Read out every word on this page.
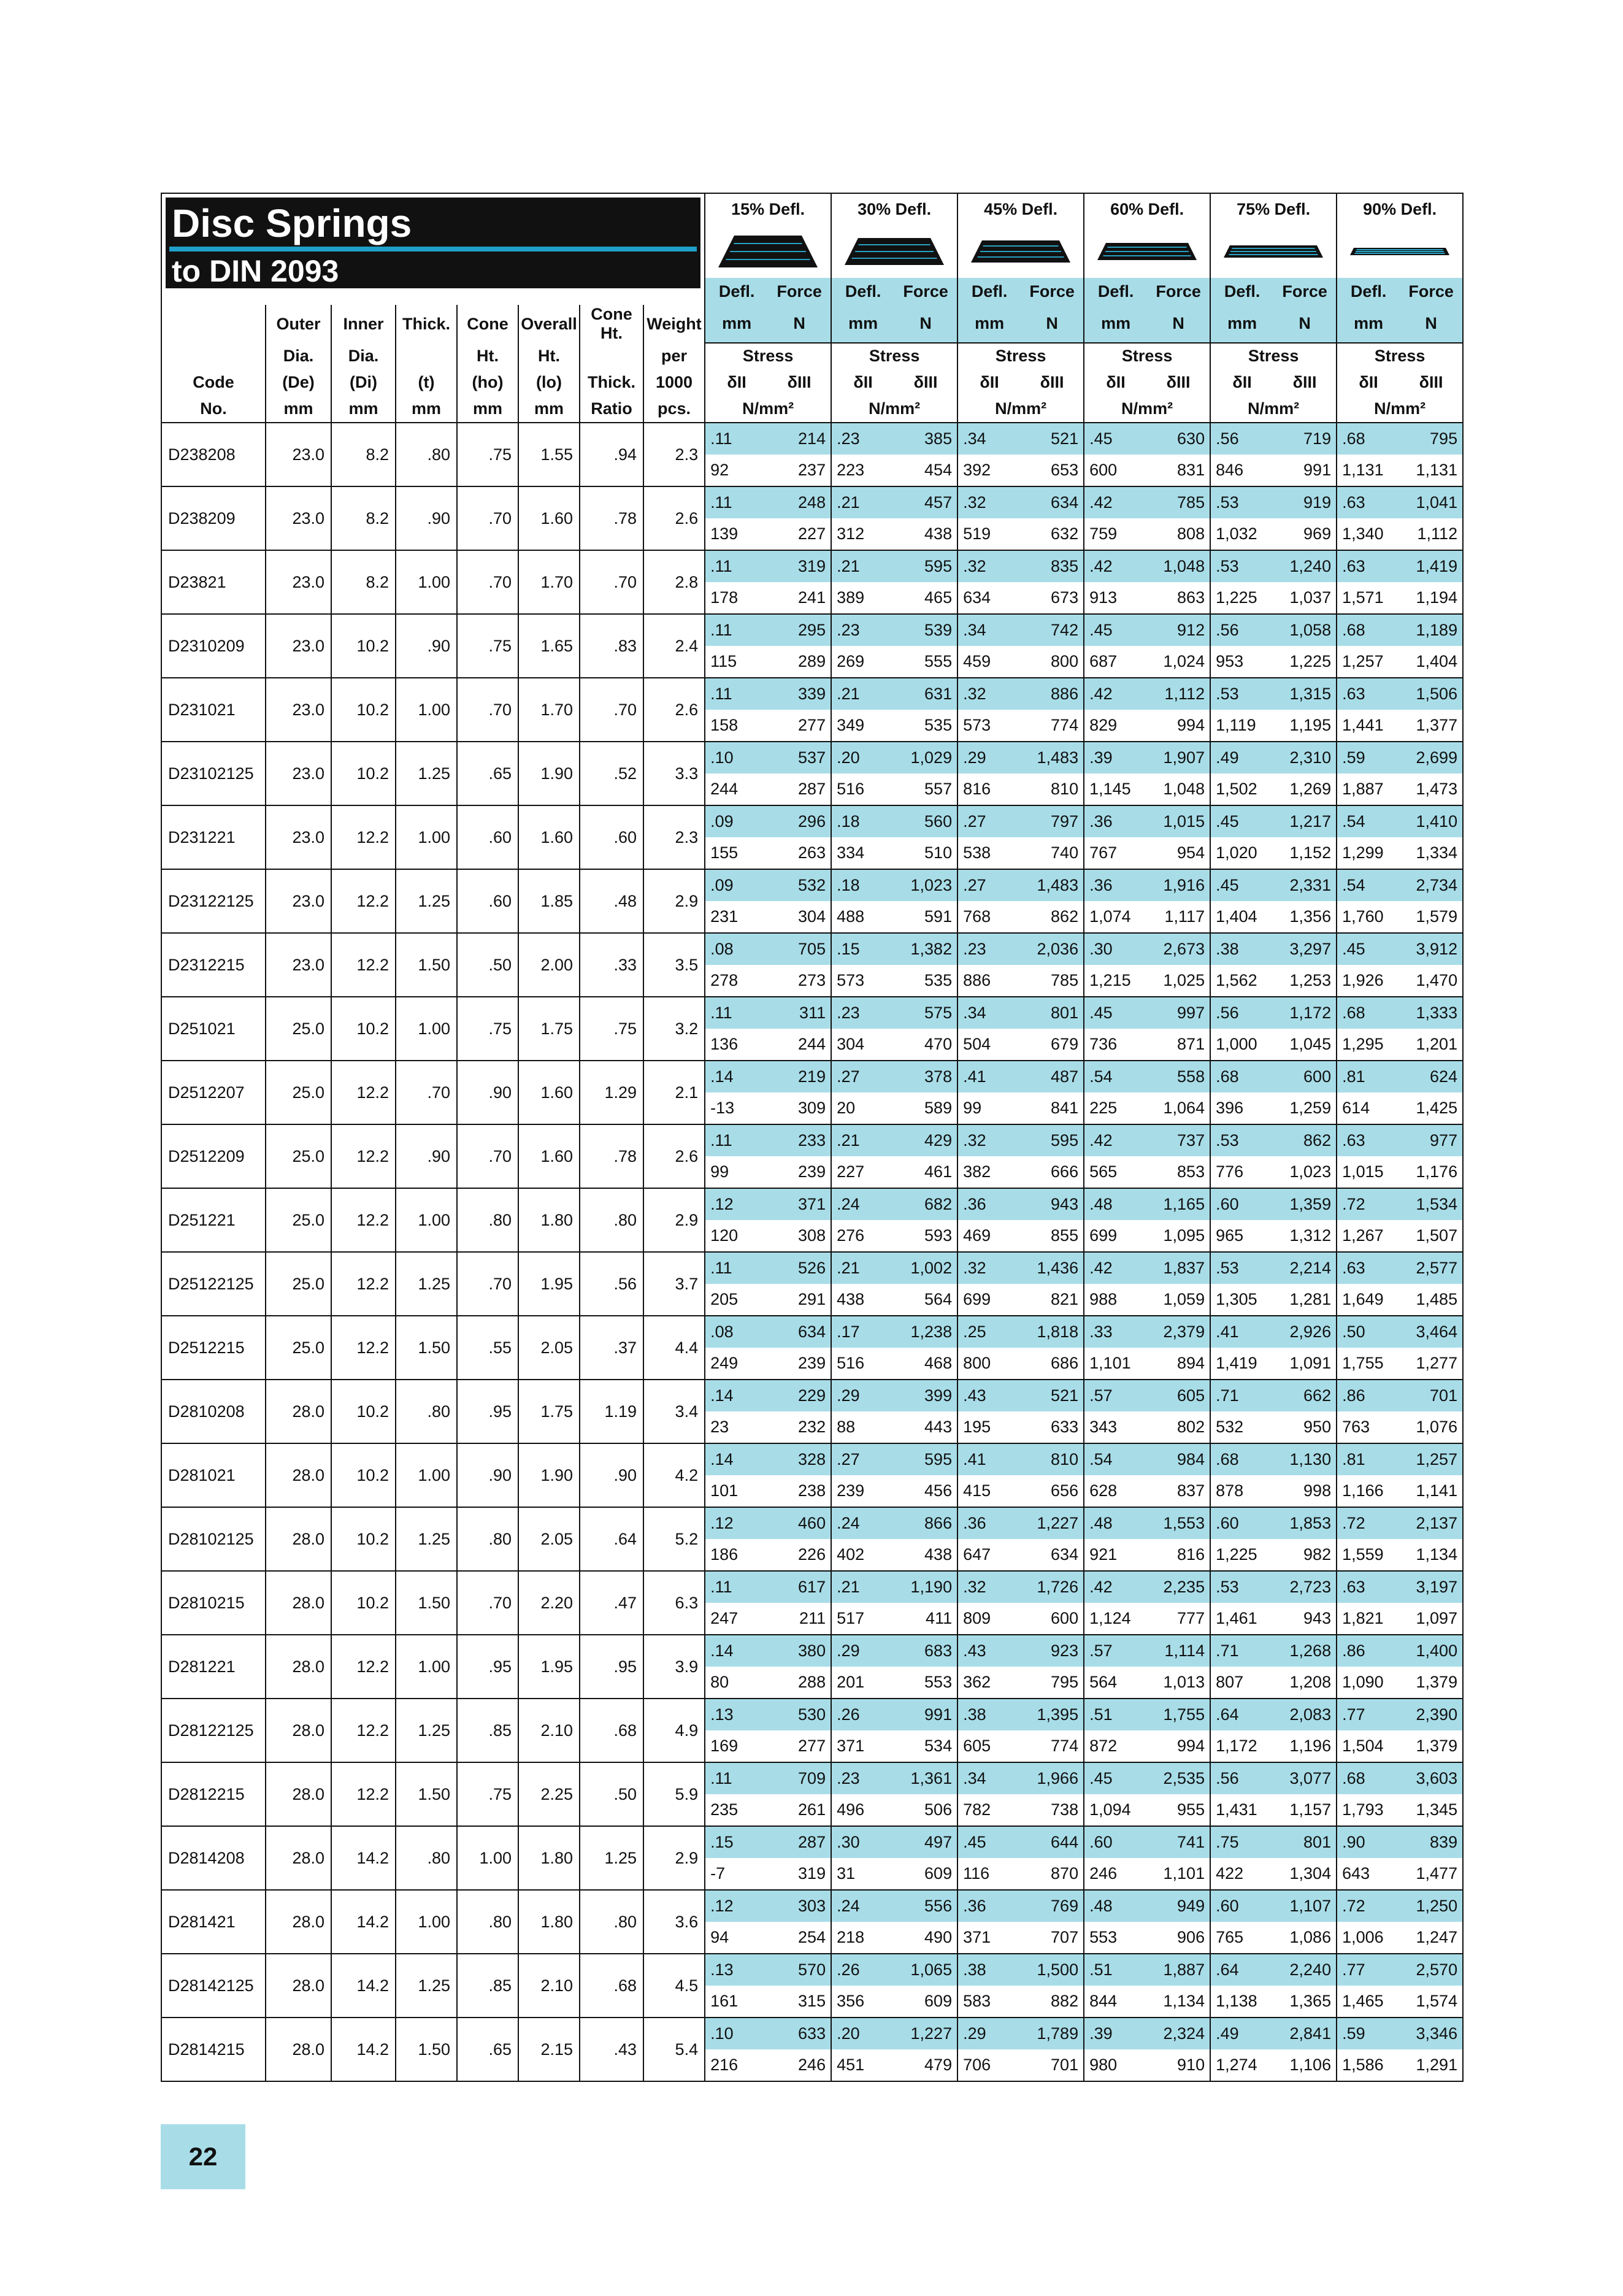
Disc Springs
to DIN 2093								15% Defl.		30% Defl.		45% Defl.		60% Defl.		75% Defl.		90% Defl.	

								Defl.	Force	Defl.	Force	Defl.	Force	Defl.	Force	Defl.	Force	Defl.	Force
	Outer	Inner	Thick.	Cone	Overall	Cone Ht.	Weight	mm	N	mm	N	mm	N	mm	N	mm	N	mm	N
	Dia.	Dia.		Ht.	Ht.		per	Stress		Stress		Stress		Stress		Stress		Stress	
Code	(De)	(Di)	(t)	(ho)	(lo)	Thick.	1000	δII	δIII	δII	δIII	δII	δIII	δII	δIII	δII	δIII	δII	δIII
No.	mm	mm	mm	mm	mm	Ratio	pcs.	N/mm²		N/mm²		N/mm²		N/mm²		N/mm²		N/mm²	
D238208	23.0	8.2	.80	.75	1.55	.94	2.3	.11	214	.23	385	.34	521	.45	630	.56	719	.68	795
								92	237	223	454	392	653	600	831	846	991	1,131	1,131
D238209	23.0	8.2	.90	.70	1.60	.78	2.6	.11	248	.21	457	.32	634	.42	785	.53	919	.63	1,041
								139	227	312	438	519	632	759	808	1,032	969	1,340	1,112
D23821	23.0	8.2	1.00	.70	1.70	.70	2.8	.11	319	.21	595	.32	835	.42	1,048	.53	1,240	.63	1,419
								178	241	389	465	634	673	913	863	1,225	1,037	1,571	1,194
D2310209	23.0	10.2	.90	.75	1.65	.83	2.4	.11	295	.23	539	.34	742	.45	912	.56	1,058	.68	1,189
								115	289	269	555	459	800	687	1,024	953	1,225	1,257	1,404
D231021	23.0	10.2	1.00	.70	1.70	.70	2.6	.11	339	.21	631	.32	886	.42	1,112	.53	1,315	.63	1,506
								158	277	349	535	573	774	829	994	1,119	1,195	1,441	1,377
D23102125	23.0	10.2	1.25	.65	1.90	.52	3.3	.10	537	.20	1,029	.29	1,483	.39	1,907	.49	2,310	.59	2,699
								244	287	516	557	816	810	1,145	1,048	1,502	1,269	1,887	1,473
D231221	23.0	12.2	1.00	.60	1.60	.60	2.3	.09	296	.18	560	.27	797	.36	1,015	.45	1,217	.54	1,410
								155	263	334	510	538	740	767	954	1,020	1,152	1,299	1,334
D23122125	23.0	12.2	1.25	.60	1.85	.48	2.9	.09	532	.18	1,023	.27	1,483	.36	1,916	.45	2,331	.54	2,734
								231	304	488	591	768	862	1,074	1,117	1,404	1,356	1,760	1,579
D2312215	23.0	12.2	1.50	.50	2.00	.33	3.5	.08	705	.15	1,382	.23	2,036	.30	2,673	.38	3,297	.45	3,912
								278	273	573	535	886	785	1,215	1,025	1,562	1,253	1,926	1,470
D251021	25.0	10.2	1.00	.75	1.75	.75	3.2	.11	311	.23	575	.34	801	.45	997	.56	1,172	.68	1,333
								136	244	304	470	504	679	736	871	1,000	1,045	1,295	1,201
D2512207	25.0	12.2	.70	.90	1.60	1.29	2.1	.14	219	.27	378	.41	487	.54	558	.68	600	.81	624
								-13	309	20	589	99	841	225	1,064	396	1,259	614	1,425
D2512209	25.0	12.2	.90	.70	1.60	.78	2.6	.11	233	.21	429	.32	595	.42	737	.53	862	.63	977
								99	239	227	461	382	666	565	853	776	1,023	1,015	1,176
D251221	25.0	12.2	1.00	.80	1.80	.80	2.9	.12	371	.24	682	.36	943	.48	1,165	.60	1,359	.72	1,534
								120	308	276	593	469	855	699	1,095	965	1,312	1,267	1,507
D25122125	25.0	12.2	1.25	.70	1.95	.56	3.7	.11	526	.21	1,002	.32	1,436	.42	1,837	.53	2,214	.63	2,577
								205	291	438	564	699	821	988	1,059	1,305	1,281	1,649	1,485
D2512215	25.0	12.2	1.50	.55	2.05	.37	4.4	.08	634	.17	1,238	.25	1,818	.33	2,379	.41	2,926	.50	3,464
								249	239	516	468	800	686	1,101	894	1,419	1,091	1,755	1,277
D2810208	28.0	10.2	.80	.95	1.75	1.19	3.4	.14	229	.29	399	.43	521	.57	605	.71	662	.86	701
								23	232	88	443	195	633	343	802	532	950	763	1,076
D281021	28.0	10.2	1.00	.90	1.90	.90	4.2	.14	328	.27	595	.41	810	.54	984	.68	1,130	.81	1,257
								101	238	239	456	415	656	628	837	878	998	1,166	1,141
D28102125	28.0	10.2	1.25	.80	2.05	.64	5.2	.12	460	.24	866	.36	1,227	.48	1,553	.60	1,853	.72	2,137
								186	226	402	438	647	634	921	816	1,225	982	1,559	1,134
D2810215	28.0	10.2	1.50	.70	2.20	.47	6.3	.11	617	.21	1,190	.32	1,726	.42	2,235	.53	2,723	.63	3,197
								247	211	517	411	809	600	1,124	777	1,461	943	1,821	1,097
D281221	28.0	12.2	1.00	.95	1.95	.95	3.9	.14	380	.29	683	.43	923	.57	1,114	.71	1,268	.86	1,400
								80	288	201	553	362	795	564	1,013	807	1,208	1,090	1,379
D28122125	28.0	12.2	1.25	.85	2.10	.68	4.9	.13	530	.26	991	.38	1,395	.51	1,755	.64	2,083	.77	2,390
								169	277	371	534	605	774	872	994	1,172	1,196	1,504	1,379
D2812215	28.0	12.2	1.50	.75	2.25	.50	5.9	.11	709	.23	1,361	.34	1,966	.45	2,535	.56	3,077	.68	3,603
								235	261	496	506	782	738	1,094	955	1,431	1,157	1,793	1,345
D2814208	28.0	14.2	.80	1.00	1.80	1.25	2.9	.15	287	.30	497	.45	644	.60	741	.75	801	.90	839
								-7	319	31	609	116	870	246	1,101	422	1,304	643	1,477
D281421	28.0	14.2	1.00	.80	1.80	.80	3.6	.12	303	.24	556	.36	769	.48	949	.60	1,107	.72	1,250
								94	254	218	490	371	707	553	906	765	1,086	1,006	1,247
D28142125	28.0	14.2	1.25	.85	2.10	.68	4.5	.13	570	.26	1,065	.38	1,500	.51	1,887	.64	2,240	.77	2,570
								161	315	356	609	583	882	844	1,134	1,138	1,365	1,465	1,574
D2814215	28.0	14.2	1.50	.65	2.15	.43	5.4	.10	633	.20	1,227	.29	1,789	.39	2,324	.49	2,841	.59	3,346
								216	246	451	479	706	701	980	910	1,274	1,106	1,586	1,291
22
